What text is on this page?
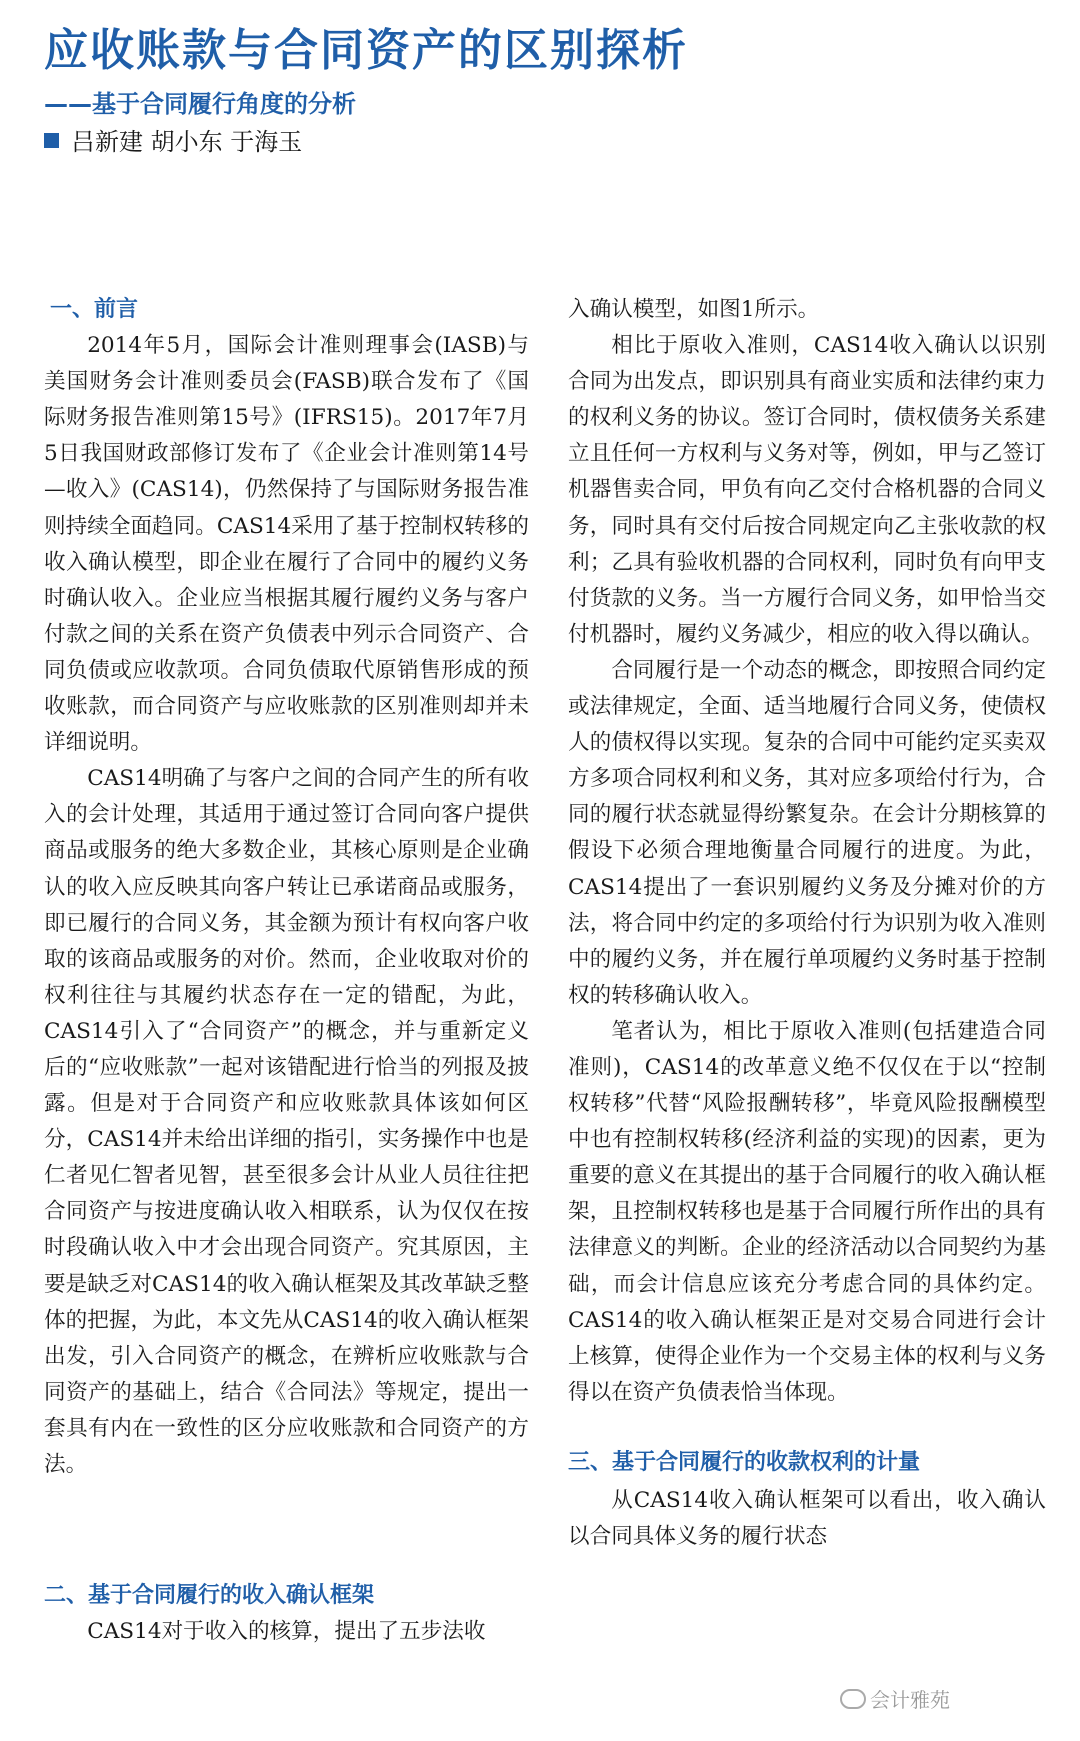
应收账款与合同资产的区别探析
——基于合同履行角度的分析
吕新建 胡小东 于海玉
一、前言

2014年5月，国际会计准则理事会(IASB)与美国财务会计准则委员会(FASB)联合发布了《国际财务报告准则第15号》(IFRS15)。2017年7月5日我国财政部修订发布了《企业会计准则第14号—收入》(CAS14)，仍然保持了与国际财务报告准则持续全面趋同。CAS14采用了基于控制权转移的收入确认模型，即企业在履行了合同中的履约义务时确认收入。企业应当根据其履行履约义务与客户付款之间的关系在资产负债表中列示合同资产、合同负债或应收款项。合同负债取代原销售形成的预收账款，而合同资产与应收账款的区别准则却并未详细说明。

CAS14明确了与客户之间的合同产生的所有收入的会计处理，其适用于通过签订合同向客户提供商品或服务的绝大多数企业，其核心原则是企业确认的收入应反映其向客户转让已承诺商品或服务，即已履行的合同义务，其金额为预计有权向客户收取的该商品或服务的对价。然而，企业收取对价的权利往往与其履约状态存在一定的错配，为此，CAS14引入了“合同资产”的概念，并与重新定义后的“应收账款”一起对该错配进行恰当的列报及披露。但是对于合同资产和应收账款具体该如何区分，CAS14并未给出详细的指引，实务操作中也是仁者见仁智者见智，甚至很多会计从业人员往往把合同资产与按进度确认收入相联系，认为仅仅在按时段确认收入中才会出现合同资产。究其原因，主要是缺乏对CAS14的收入确认框架及其改革缺乏整体的把握，为此，本文先从CAS14的收入确认框架出发，引入合同资产的概念，在辨析应收账款与合同资产的基础上，结合《合同法》等规定，提出一套具有内在一致性的区分应收账款和合同资产的方法。

二、基于合同履行的收入确认框架
CAS14对于收入的核算，提出了五步法收

入确认模型，如图1所示。

相比于原收入准则，CAS14收入确认以识别合同为出发点，即识别具有商业实质和法律约束力的权利义务的协议。签订合同时，债权债务关系建立且任何一方权利与义务对等，例如，甲与乙签订机器售卖合同，甲负有向乙交付合格机器的合同义务，同时具有交付后按合同规定向乙主张收款的权利；乙具有验收机器的合同权利，同时负有向甲支付货款的义务。当一方履行合同义务，如甲恰当交付机器时，履约义务减少，相应的收入得以确认。

合同履行是一个动态的概念，即按照合同约定或法律规定，全面、适当地履行合同义务，使债权人的债权得以实现。复杂的合同中可能约定买卖双方多项合同权利和义务，其对应多项给付行为，合同的履行状态就显得纷繁复杂。在会计分期核算的假设下必须合理地衡量合同履行的进度。为此，CAS14提出了一套识别履约义务及分摊对价的方法，将合同中约定的多项给付行为识别为收入准则中的履约义务，并在履行单项履约义务时基于控制权的转移确认收入。

笔者认为，相比于原收入准则(包括建造合同准则)，CAS14的改革意义绝不仅仅在于以“控制权转移”代替“风险报酬转移”，毕竟风险报酬模型中也有控制权转移(经济利益的实现)的因素，更为重要的意义在其提出的基于合同履行的收入确认框架，且控制权转移也是基于合同履行所作出的具有法律意义的判断。企业的经济活动以合同契约为基础，而会计信息应该充分考虑合同的具体约定。CAS14的收入确认框架正是对交易合同进行会计上核算，使得企业作为一个交易主体的权利与义务得以在资产负债表恰当体现。

三、基于合同履行的收款权利的计量

从CAS14收入确认框架可以看出，收入确认以合同具体义务的履行状态

会计雅苑
